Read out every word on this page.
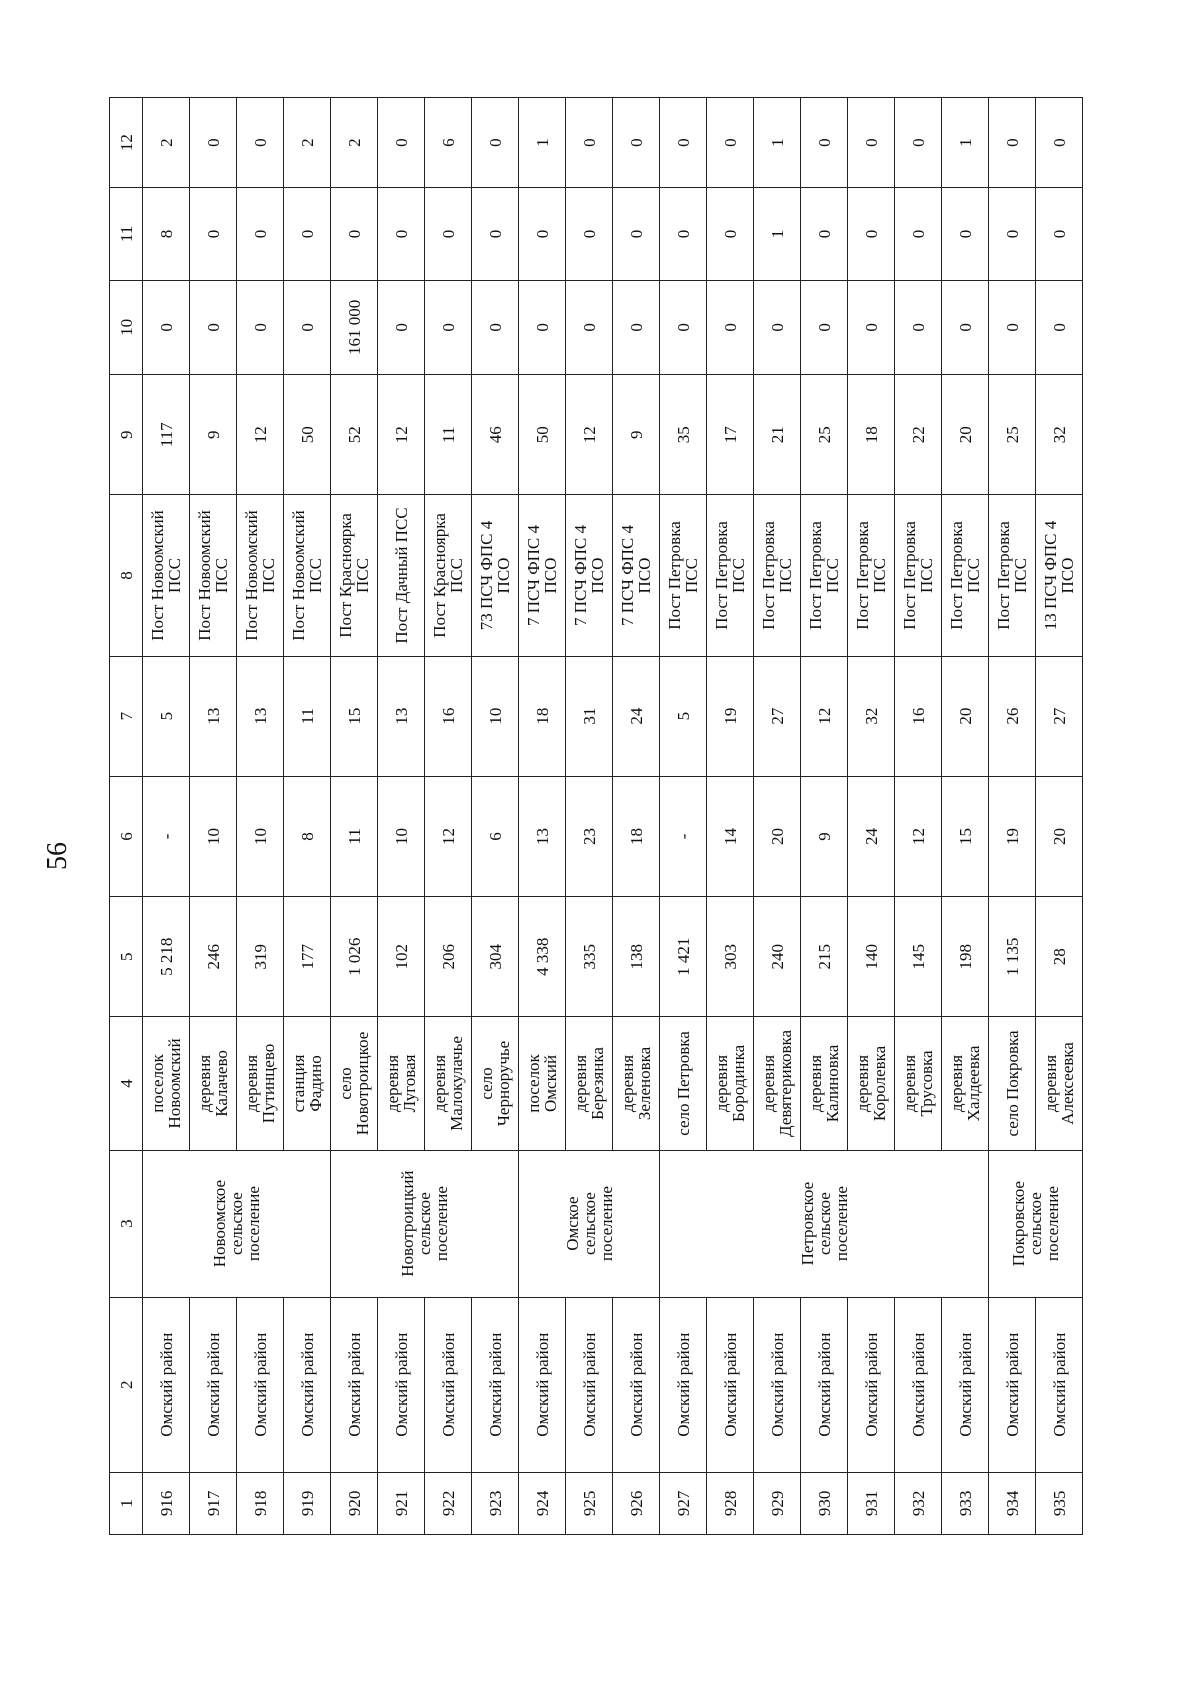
56
1	2	3	4	5	6	7	8	9	10	11	12
916	Омский район	Новоомское
сельское
поселение	поселок
Новоомский	5 218	-	5	Пост Новоомский
ПСС	117	0	8	2
917	Омский район		деревня
Калачево	246	10	13	Пост Новоомский
ПСС	9	0	0	0
918	Омский район		деревня
Путинцево	319	10	13	Пост Новоомский
ПСС	12	0	0	0
919	Омский район		станция
Фадино	177	8	11	Пост Новоомский
ПСС	50	0	0	2
920	Омский район	Новотроицкий
сельское
поселение	село
Новотроицкое	1 026	11	15	Пост Красноярка
ПСС	52	161 000	0	2
921	Омский район		деревня
Луговая	102	10	13	Пост Дачный ПСС	12	0	0	0
922	Омский район		деревня
Малокулачье	206	12	16	Пост Красноярка
ПСС	11	0	0	6
923	Омский район		село
Черноручье	304	6	10	73 ПСЧ ФПС 4
ПСО	46	0	0	0
924	Омский район	Омское
сельское
поселение	поселок
Омский	4 338	13	18	7 ПСЧ ФПС 4
ПСО	50	0	0	1
925	Омский район		деревня
Березянка	335	23	31	7 ПСЧ ФПС 4
ПСО	12	0	0	0
926	Омский район		деревня
Зеленовка	138	18	24	7 ПСЧ ФПС 4
ПСО	9	0	0	0
927	Омский район	Петровское
сельское
поселение	село Петровка	1 421	-	5	Пост Петровка
ПСС	35	0	0	0
928	Омский район		деревня
Бородинка	303	14	19	Пост Петровка
ПСС	17	0	0	0
929	Омский район		деревня
Девятериковка	240	20	27	Пост Петровка
ПСС	21	0	1	1
930	Омский район		деревня
Калиновка	215	9	12	Пост Петровка
ПСС	25	0	0	0
931	Омский район		деревня
Королевка	140	24	32	Пост Петровка
ПСС	18	0	0	0
932	Омский район		деревня
Трусовка	145	12	16	Пост Петровка
ПСС	22	0	0	0
933	Омский район		деревня
Халдеевка	198	15	20	Пост Петровка
ПСС	20	0	0	1
934	Омский район	Покровское
сельское
поселение	село Покровка	1 135	19	26	Пост Петровка
ПСС	25	0	0	0
935	Омский район		деревня
Алексеевка	28	20	27	13 ПСЧ ФПС 4
ПСО	32	0	0	0
